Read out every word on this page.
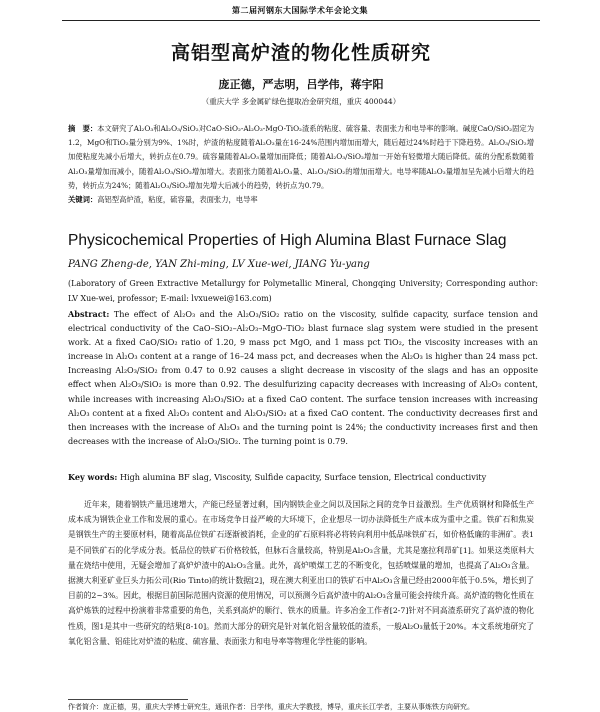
第二届河钢东大国际学术年会论文集
高铝型高炉渣的物化性质研究
庞正德，严志明，吕学伟，蒋宇阳
（重庆大学 多金属矿绿色提取冶金研究组，重庆 400044）

摘　要：本文研究了Al₂O₃和Al₂O₃/SiO₂对CaO-SiO₂-Al₂O₃-MgO-TiO₂渣系的粘度、硫容量、表面张力和电导率的影响。碱度CaO/SiO₂固定为1.2，MgO和TiO₂量分别为9%、1%时，炉渣的粘度随着Al₂O₃量在16-24%范围内增加而增大，随后超过24%时趋于下降趋势。Al₂O₃/SiO₂增加使粘度先减小后增大，转折点在0.79。硫容量随着Al₂O₃量增加而降低；随着Al₂O₃/SiO₂增加一开始有轻微增大随后降低。硫的分配系数随着Al₂O₃量增加而减小，随着Al₂O₃/SiO₂增加增大。表面张力随着Al₂O₃量、Al₂O₃/SiO₂的增加而增大。电导率随Al₂O₃量增加呈先减小后增大的趋势，转折点为24%；随着Al₂O₃/SiO₂增加先增大后减小的趋势，转折点为0.79。
关键词：高铝型高炉渣，粘度，硫容量，表面张力，电导率

Physicochemical Properties of High Alumina Blast Furnace Slag
PANG Zheng-de, YAN Zhi-ming, LV Xue-wei, JIANG Yu-yang

(Laboratory of Green Extractive Metallurgy for Polymetallic Mineral, Chongqing University; Corresponding author: LV Xue-wei, professor; E-mail: lvxuewei@163.com)

Abstract: The effect of Al₂O₃ and the Al₂O₃/SiO₂ ratio on the viscosity, sulfide capacity, surface tension and electrical conductivity of the CaO–SiO₂–Al₂O₃–MgO–TiO₂ blast furnace slag system were studied in the present work. At a fixed CaO/SiO₂ ratio of 1.20, 9 mass pct MgO, and 1 mass pct TiO₂, the viscosity increases with an increase in Al₂O₃ content at a range of 16–24 mass pct, and decreases when the Al₂O₃ is higher than 24 mass pct. Increasing Al₂O₃/SiO₂ from 0.47 to 0.92 causes a slight decrease in viscosity of the slags and has an opposite effect when Al₂O₃/SiO₂ is more than 0.92. The desulfurizing capacity decreases with increasing of Al₂O₃ content, while increases with increasing Al₂O₃/SiO₂ at a fixed CaO content. The surface tension increases with increasing Al₂O₃ content at a fixed Al₂O₃ content and Al₂O₃/SiO₂ at a fixed CaO content. The conductivity decreases first and then increases with the increase of Al₂O₃ and the turning point is 24%; the conductivity increases first and then decreases with the increase of Al₂O₃/SiO₂. The turning point is 0.79.

Key words: High alumina BF slag, Viscosity, Sulfide capacity, Surface tension, Electrical conductivity

近年来，随着钢铁产量迅速增大，产能已经显著过剩，国内钢铁企业之间以及国际之间的竞争日益激烈。生产优质钢材和降低生产成本成为钢铁企业工作和发展的重心。在市场竞争日益严峻的大环境下，企业想尽一切办法降低生产成本成为重中之重。铁矿石和焦炭是钢铁生产的主要原材料，随着高品位铁矿石逐渐被消耗，企业的矿石原料将必将转向利用中低品味铁矿石，如价格低廉的非洲矿。表1是不同铁矿石的化学成分表。低品位的铁矿石价格较低，但脉石含量较高，特别是Al₂O₃含量，尤其是塞拉利昂矿[1]。如果这类原料大量在烧结中使用，无疑会增加了高炉炉渣中的Al₂O₃含量。此外，高炉喷煤工艺的不断变化，包括喷煤量的增加，也提高了Al₂O₃含量。据澳大利亚矿业巨头力拓公司(Rio Tinto)的统计数据[2]，现在澳大利亚出口的铁矿石中Al₂O₃含量已经由2000年低于0.5%，增长到了目前的2~3%。因此，根据目前国际范围内资源的使用情况，可以预测今后高炉渣中的Al₂O₃含量可能会持续升高。高炉渣的物化性质在高炉炼铁的过程中扮演着非常重要的角色，关系到高炉的顺行、铁水的质量。许多冶金工作者[2-7]针对不同高渣系研究了高炉渣的物化性质，图1是其中一些研究的结果[8-10]。然而大部分的研究是针对氧化铝含量较低的渣系，一般Al₂O₃量低于20%。本文系统地研究了氧化铝含量、铝硅比对炉渣的粘度、硫容量、表面张力和电导率等物理化学性能的影响。

作者简介：庞正德，男，重庆大学博士研究生，通讯作者：吕学伟，重庆大学教授，博导，重庆长江学者，主要从事炼铁方向研究。
